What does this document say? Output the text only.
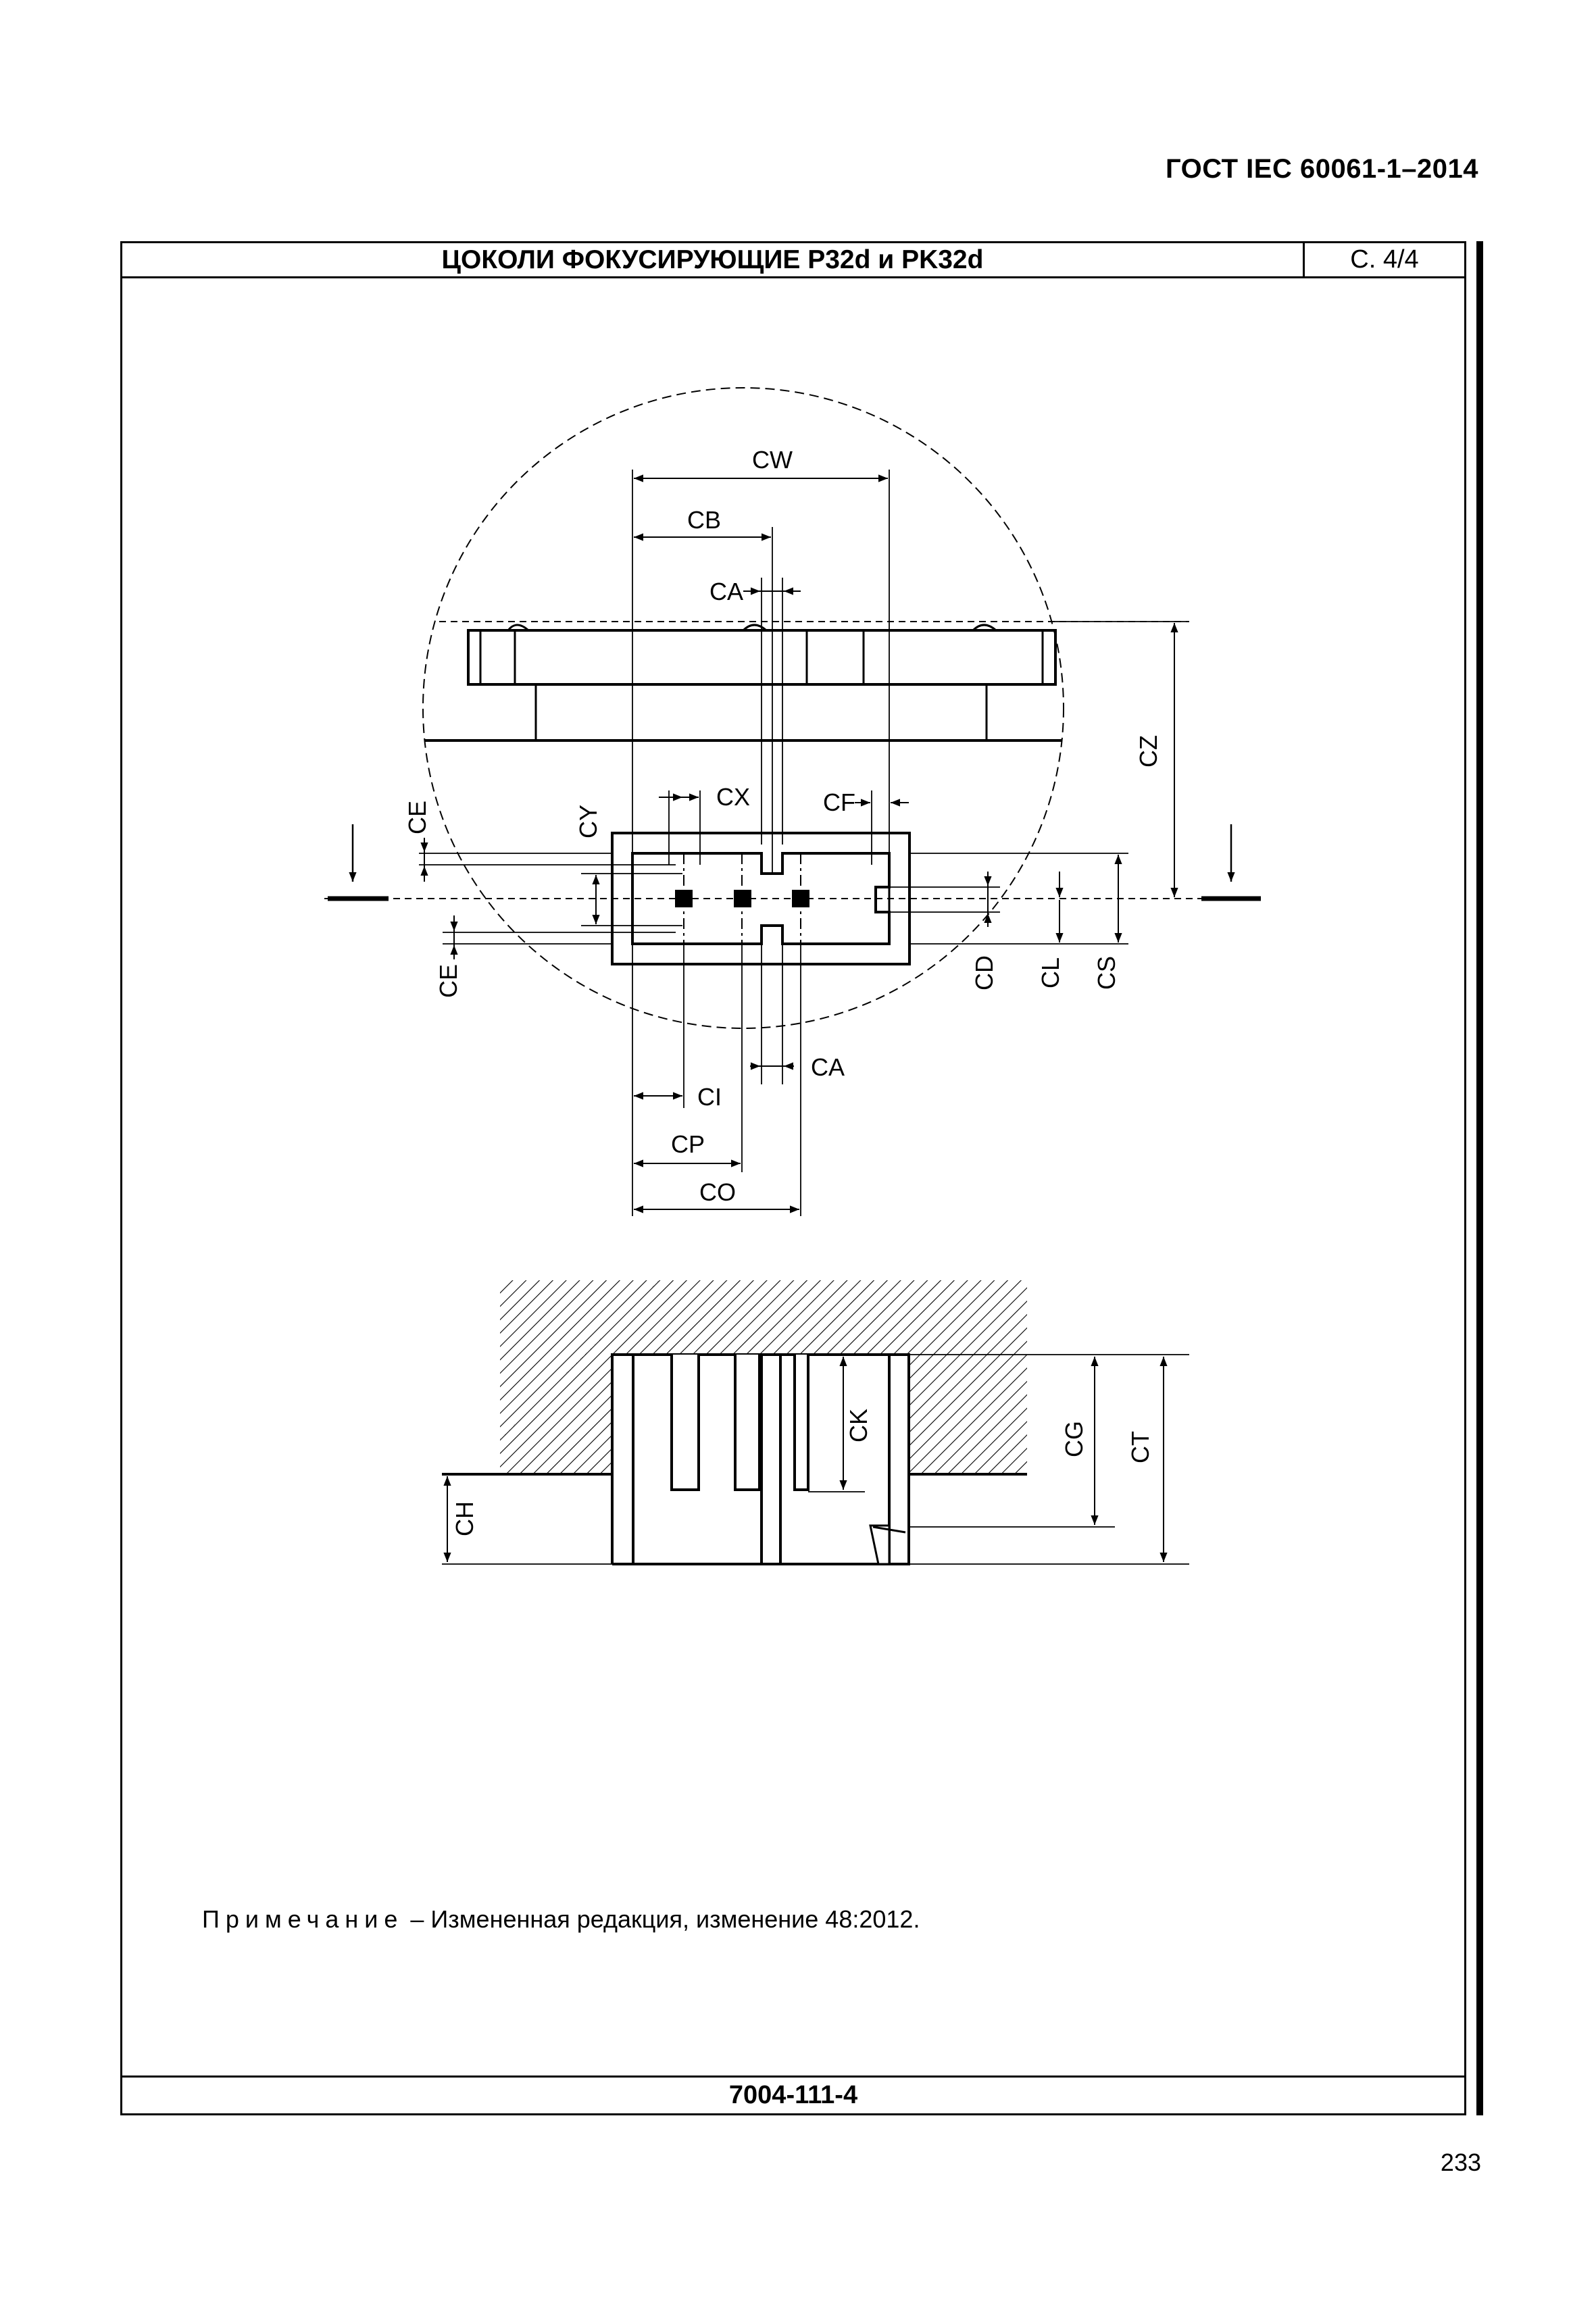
ГОСТ IEC 60061-1–2014
ЦОКОЛИ ФОКУСИРУЮЩИЕ P32d и PK32d	С. 4/4
Примечание – Измененная редакция, изменение 48:2012.
7004-111-4
233
CW
CB
CA
CZ
CX	CF
CE	CY
CE	CD CL CS
CA
CI
CP
CO
CK	CG CT
CH
